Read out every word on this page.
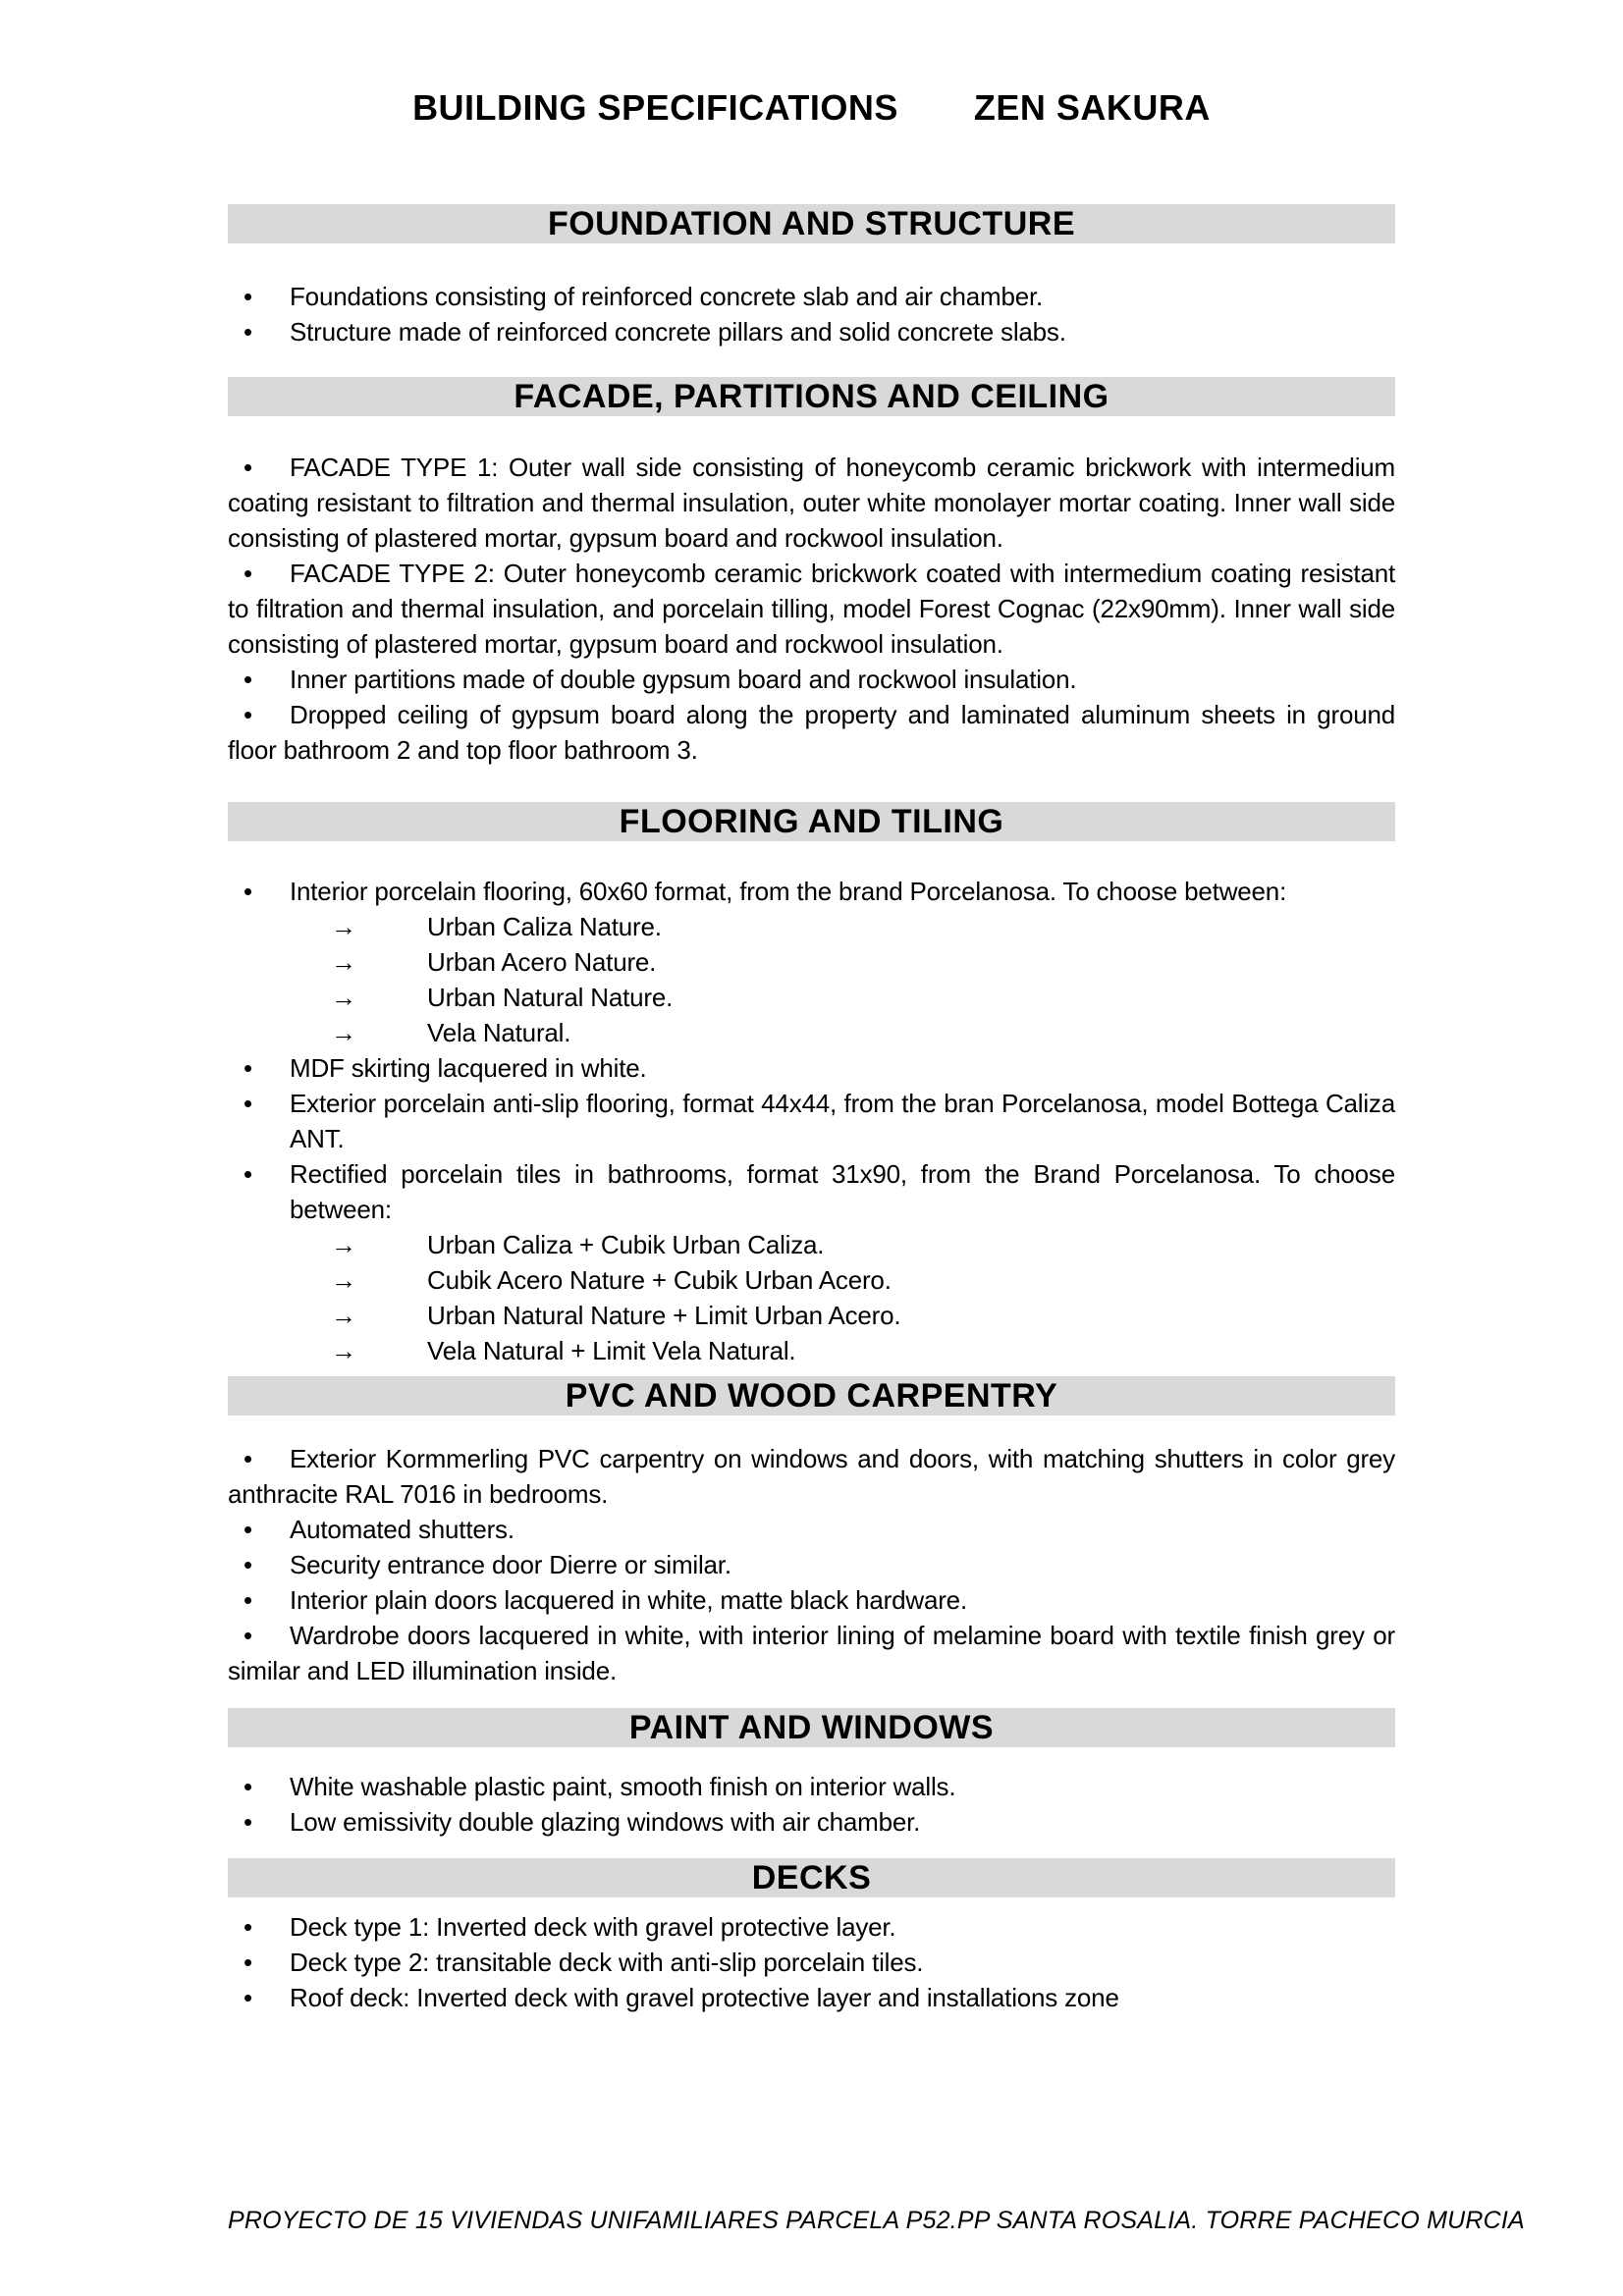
BUILDING SPECIFICATIONS ZEN SAKURA
FOUNDATION AND STRUCTURE

•	Foundations consisting of reinforced concrete slab and air chamber.

•	Structure made of reinforced concrete pillars and solid concrete slabs.

FACADE, PARTITIONS AND CEILING

• FACADE TYPE 1: Outer wall side consisting of honeycomb ceramic brickwork with intermedium coating resistant to filtration and thermal insulation, outer white monolayer mortar coating. Inner wall side consisting of plastered mortar, gypsum board and rockwool insulation.

• FACADE TYPE 2: Outer honeycomb ceramic brickwork coated with intermedium coating resistant to filtration and thermal insulation, and porcelain tilling, model Forest Cognac (22x90mm). Inner wall side consisting of plastered mortar, gypsum board and rockwool insulation.

•	Inner partitions made of double gypsum board and rockwool insulation.

• Dropped ceiling of gypsum board along the property and laminated aluminum sheets in ground floor bathroom 2 and top floor bathroom 3.

FLOORING AND TILING

•	Interior porcelain flooring, 60x60 format, from the brand Porcelanosa. To choose between:

→	Urban Caliza Nature.

→	Urban Acero Nature.

→	Urban Natural Nature.

→	Vela Natural.

•	MDF skirting lacquered in white.

•	Exterior porcelain anti-slip flooring, format 44x44, from the bran Porcelanosa, model Bottega Caliza ANT.

•	Rectified porcelain tiles in bathrooms, format 31x90, from the Brand Porcelanosa. To choose between:

→	Urban Caliza + Cubik Urban Caliza.

→	Cubik Acero Nature + Cubik Urban Acero.

→	Urban Natural Nature + Limit Urban Acero.

→	Vela Natural + Limit Vela Natural.

PVC AND WOOD CARPENTRY

• Exterior Kormmerling PVC carpentry on windows and doors, with matching shutters in color grey anthracite RAL 7016 in bedrooms.

•	Automated shutters.

•	Security entrance door Dierre or similar.

•	Interior plain doors lacquered in white, matte black hardware.

• Wardrobe doors lacquered in white, with interior lining of melamine board with textile finish grey or similar and LED illumination inside.

PAINT AND WINDOWS

•	White washable plastic paint, smooth finish on interior walls.

•	Low emissivity double glazing windows with air chamber.

DECKS

•	Deck type 1: Inverted deck with gravel protective layer.

•	Deck type 2: transitable deck with anti-slip porcelain tiles.

•	Roof deck: Inverted deck with gravel protective layer and installations zone

PROYECTO DE 15 VIVIENDAS UNIFAMILIARES PARCELA P52.PP SANTA ROSALIA. TORRE PACHECO MURCIA
